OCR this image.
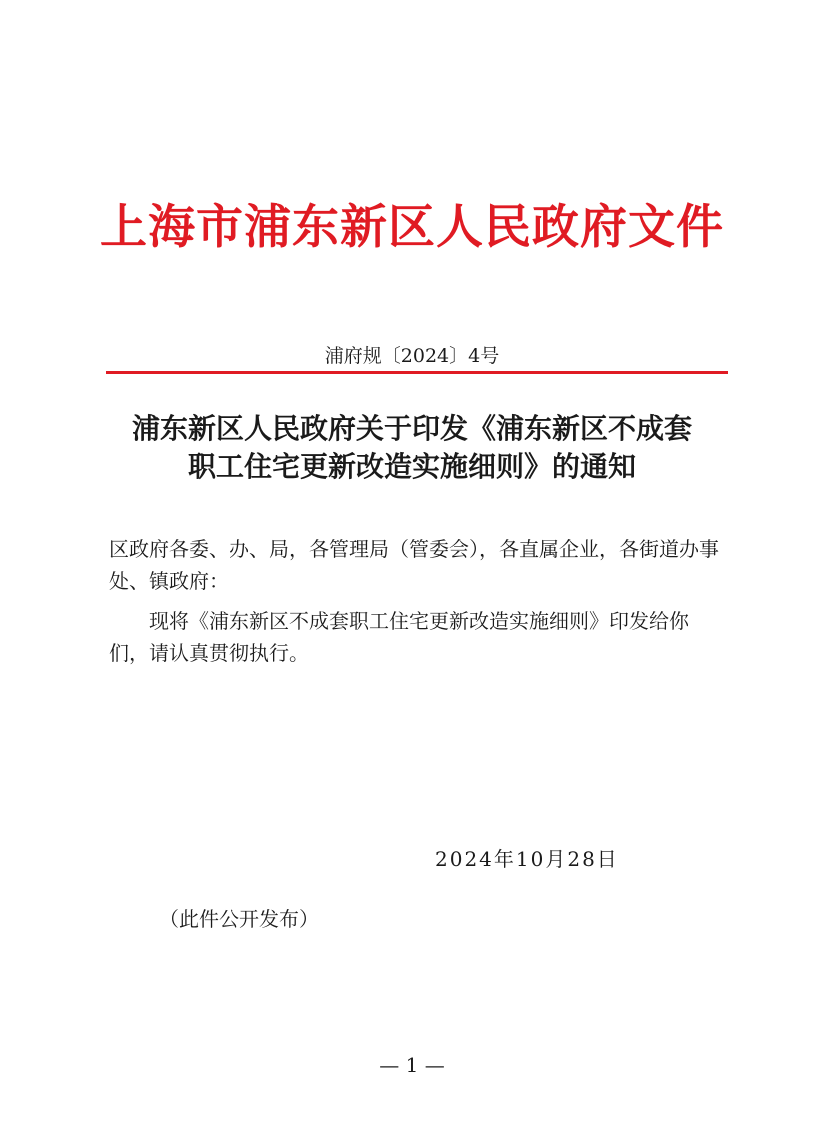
上海市浦东新区人民政府文件
浦府规〔2024〕4号
浦东新区人民政府关于印发《浦东新区不成套
职工住宅更新改造实施细则》的通知
区政府各委、办、局，各管理局（管委会），各直属企业，各街道办事处、镇政府：
现将《浦东新区不成套职工住宅更新改造实施细则》印发给你们，请认真贯彻执行。
2024年10月28日
（此件公开发布）
— 1 —
